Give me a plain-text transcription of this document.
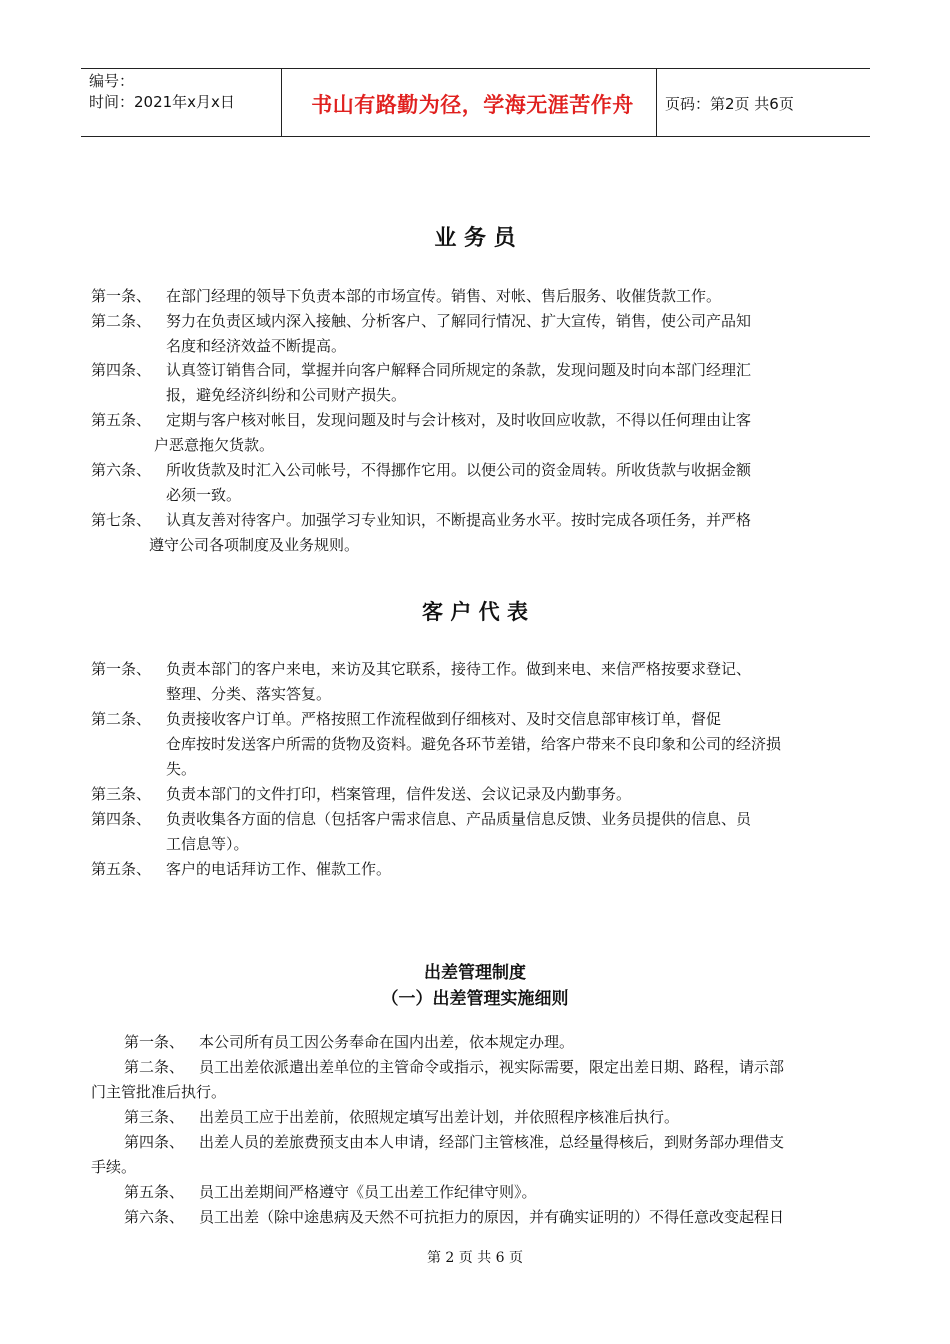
编号：
时间：2021年x月x日	书山有路勤为径，学海无涯苦作舟	页码：第2页 共6页
业 务 员
第一条、 在部门经理的领导下负责本部的市场宣传。销售、对帐、售后服务、收催货款工作。
第二条、 努力在负责区域内深入接触、分析客户、了解同行情况、扩大宣传，销售，使公司产品知
名度和经济效益不断提高。
第四条、 认真签订销售合同，掌握并向客户解释合同所规定的条款，发现问题及时向本部门经理汇
报，避免经济纠纷和公司财产损失。
第五条、 定期与客户核对帐目，发现问题及时与会计核对，及时收回应收款，不得以任何理由让客
户恶意拖欠货款。
第六条、 所收货款及时汇入公司帐号，不得挪作它用。以便公司的资金周转。所收货款与收据金额
必须一致。
第七条、 认真友善对待客户。加强学习专业知识，不断提高业务水平。按时完成各项任务，并严格
遵守公司各项制度及业务规则。
客 户 代 表
第一条、 负责本部门的客户来电，来访及其它联系，接待工作。做到来电、来信严格按要求登记、
整理、分类、落实答复。
第二条、 负责接收客户订单。严格按照工作流程做到仔细核对、及时交信息部审核订单，督促
仓库按时发送客户所需的货物及资料。避免各环节差错，给客户带来不良印象和公司的经济损
失。
第三条、 负责本部门的文件打印，档案管理，信件发送、会议记录及内勤事务。
第四条、 负责收集各方面的信息（包括客户需求信息、产品质量信息反馈、业务员提供的信息、员
工信息等）。
第五条、 客户的电话拜访工作、催款工作。
出差管理制度
（一）出差管理实施细则
第一条、 本公司所有员工因公务奉命在国内出差，依本规定办理。
第二条、 员工出差依派遣出差单位的主管命令或指示，视实际需要，限定出差日期、路程，请示部
门主管批准后执行。
第三条、 出差员工应于出差前，依照规定填写出差计划，并依照程序核准后执行。
第四条、 出差人员的差旅费预支由本人申请，经部门主管核准，总经量得核后，到财务部办理借支
手续。
第五条、 员工出差期间严格遵守《员工出差工作纪律守则》。
第六条、 员工出差（除中途患病及天然不可抗拒力的原因，并有确实证明的）不得任意改变起程日
第 2 页 共 6 页
